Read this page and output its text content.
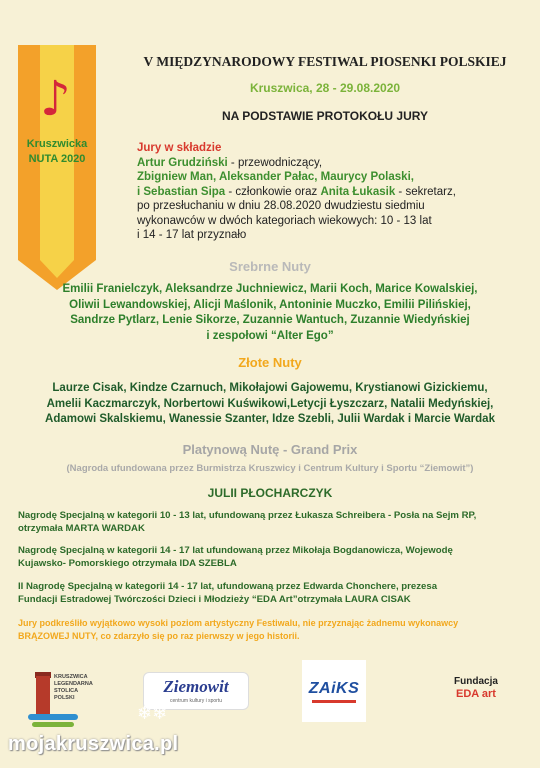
♪
Kruszwicka
NUTA 2020
V MIĘDZYNARODOWY FESTIWAL PIOSENKI POLSKIEJ
Kruszwica, 28 - 29.08.2020
NA PODSTAWIE PROTOKOŁU JURY
Jury w składzie
Artur Grudziński - przewodniczący,
Zbigniew Man, Aleksander Pałac, Maurycy Polaski,
i Sebastian Sipa - członkowie oraz Anita Łukasik - sekretarz,
po przesłuchaniu w dniu 28.08.2020 dwudziestu siedmiu
wykonawców w dwóch kategoriach wiekowych: 10 - 13 lat
i 14 - 17 lat przyznało
Srebrne Nuty
Emilii Franielczyk, Aleksandrze Juchniewicz, Marii Koch, Marice Kowalskiej,
Oliwii Lewandowskiej, Alicji Maślonik, Antoninie Muczko, Emilii Pilińskiej,
Sandrze Pytlarz, Lenie Sikorze, Zuzannie Wantuch, Zuzannie Wiedyńskiej
i zespołowi “Alter Ego”
Złote Nuty
Laurze Cisak, Kindze Czarnuch, Mikołajowi Gajowemu, Krystianowi Gizickiemu,
Amelii Kaczmarczyk, Norbertowi Kuświkowi,Letycji Łyszczarz, Natalii Medyńskiej,
Adamowi Skalskiemu, Wanessie Szanter, Idze Szebli, Julii Wardak i Marcie Wardak
Platynową Nutę - Grand Prix
(Nagroda ufundowana przez Burmistrza Kruszwicy i Centrum Kultury i Sportu “Ziemowit”)
JULII PŁOCHARCZYK
Nagrodę Specjalną w kategorii 10 - 13 lat, ufundowaną przez Łukasza Schreibera - Posła na Sejm RP,
otrzymała MARTA WARDAK
Nagrodę Specjalną w kategorii 14 - 17 lat ufundowaną przez Mikołaja Bogdanowicza, Wojewodę
Kujawsko- Pomorskiego otrzymała IDA SZEBLA
II Nagrodę Specjalną w kategorii 14 - 17 lat, ufundowaną przez Edwarda Chonchere, prezesa
Fundacji Estradowej Twórczości Dzieci i Młodzieży “EDA Art”otrzymała LAURA CISAK
Jury podkreśliło wyjątkowo wysoki poziom artystyczny Festiwalu, nie przyznając żadnemu wykonawcy
BRĄZOWEJ NUTY, co zdarzyło się po raz pierwszy w jego historii.
KRUSZWICA
LEGENDARNA
STOLICA
POLSKI
Ziemowit
centrum kultury i sportu
❄❄
ZAiKS	Fundacja
EDA art
mojakruszwica.pl
